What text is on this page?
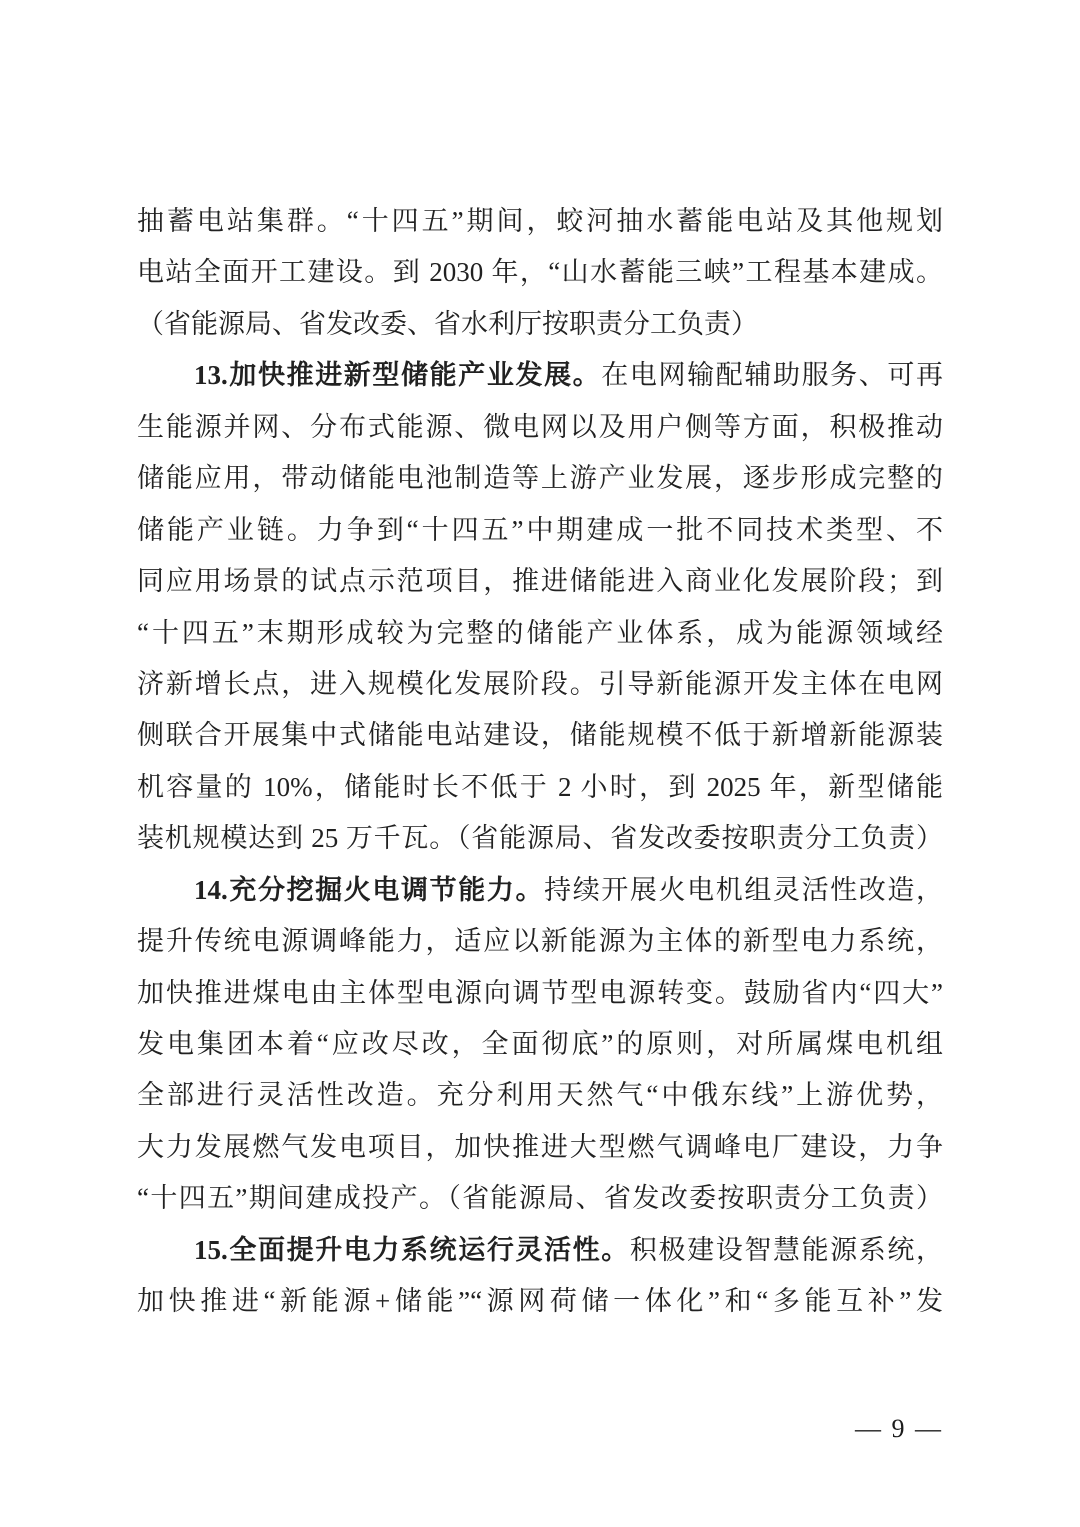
抽蓄电站集群。“十四五”期间，蛟河抽水蓄能电站及其他规划
电站全面开工建设。到 2030 年，“山水蓄能三峡”工程基本建成。
（省能源局、省发改委、省水利厅按职责分工负责）
13.加快推进新型储能产业发展。在电网输配辅助服务、可再
生能源并网、分布式能源、微电网以及用户侧等方面，积极推动
储能应用，带动储能电池制造等上游产业发展，逐步形成完整的
储能产业链。力争到“十四五”中期建成一批不同技术类型、不
同应用场景的试点示范项目，推进储能进入商业化发展阶段；到
“十四五”末期形成较为完整的储能产业体系，成为能源领域经
济新增长点，进入规模化发展阶段。引导新能源开发主体在电网
侧联合开展集中式储能电站建设，储能规模不低于新增新能源装
机容量的 10%，储能时长不低于 2 小时，到 2025 年，新型储能
装机规模达到 25 万千瓦。（省能源局、省发改委按职责分工负责）
14.充分挖掘火电调节能力。持续开展火电机组灵活性改造，
提升传统电源调峰能力，适应以新能源为主体的新型电力系统，
加快推进煤电由主体型电源向调节型电源转变。鼓励省内“四大”
发电集团本着“应改尽改，全面彻底”的原则，对所属煤电机组
全部进行灵活性改造。充分利用天然气“中俄东线”上游优势，
大力发展燃气发电项目，加快推进大型燃气调峰电厂建设，力争
“十四五”期间建成投产。（省能源局、省发改委按职责分工负责）
15.全面提升电力系统运行灵活性。积极建设智慧能源系统，
加快推进“新能源+储能”“源网荷储一体化”和“多能互补”发
— 9 —
